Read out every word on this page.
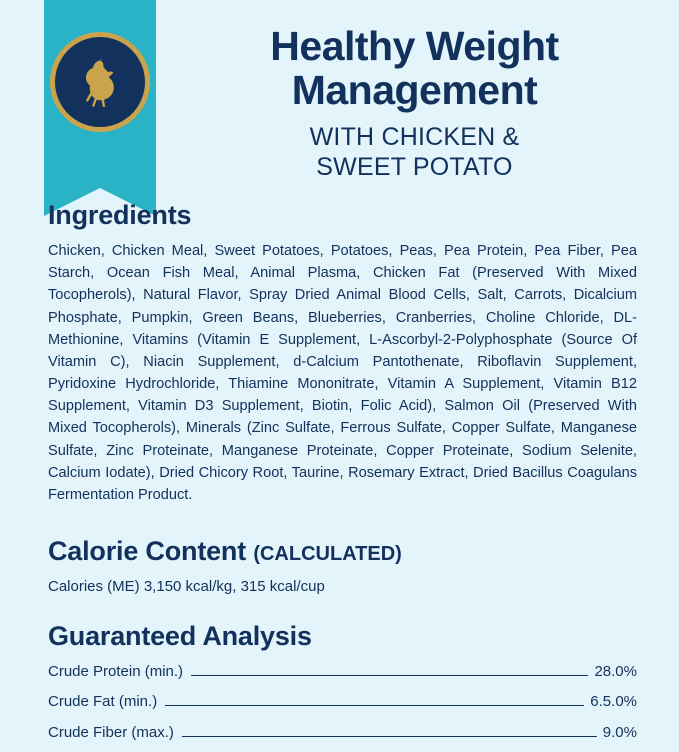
Healthy Weight
Management
WITH CHICKEN &
SWEET POTATO
Ingredients

Chicken, Chicken Meal, Sweet Potatoes, Potatoes, Peas, Pea Protein, Pea Fiber, Pea Starch, Ocean Fish Meal, Animal Plasma, Chicken Fat (Preserved With Mixed Tocopherols), Natural Flavor, Spray Dried Animal Blood Cells, Salt, Carrots, Dicalcium Phosphate, Pumpkin, Green Beans, Blueberries, Cranberries, Choline Chloride, DL-Methionine, Vitamins (Vitamin E Supplement, L-Ascorbyl-2-Polyphosphate (Source Of Vitamin C), Niacin Supplement, d-Calcium Pantothenate, Riboflavin Supplement, Pyridoxine Hydrochloride, Thiamine Mononitrate, Vitamin A Supplement, Vitamin B12 Supplement, Vitamin D3 Supplement, Biotin, Folic Acid), Salmon Oil (Preserved With Mixed Tocopherols), Minerals (Zinc Sulfate, Ferrous Sulfate, Copper Sulfate, Manganese Sulfate, Zinc Proteinate, Manganese Proteinate, Copper Proteinate, Sodium Selenite, Calcium Iodate), Dried Chicory Root, Taurine, Rosemary Extract, Dried Bacillus Coagulans Fermentation Product.

Calorie Content (CALCULATED)

Calories (ME) 3,150 kcal/kg, 315 kcal/cup

Guaranteed Analysis
Crude Protein (min.)	28.0%
Crude Fat (min.)	6.5.0%
Crude Fiber (max.)	9.0%
